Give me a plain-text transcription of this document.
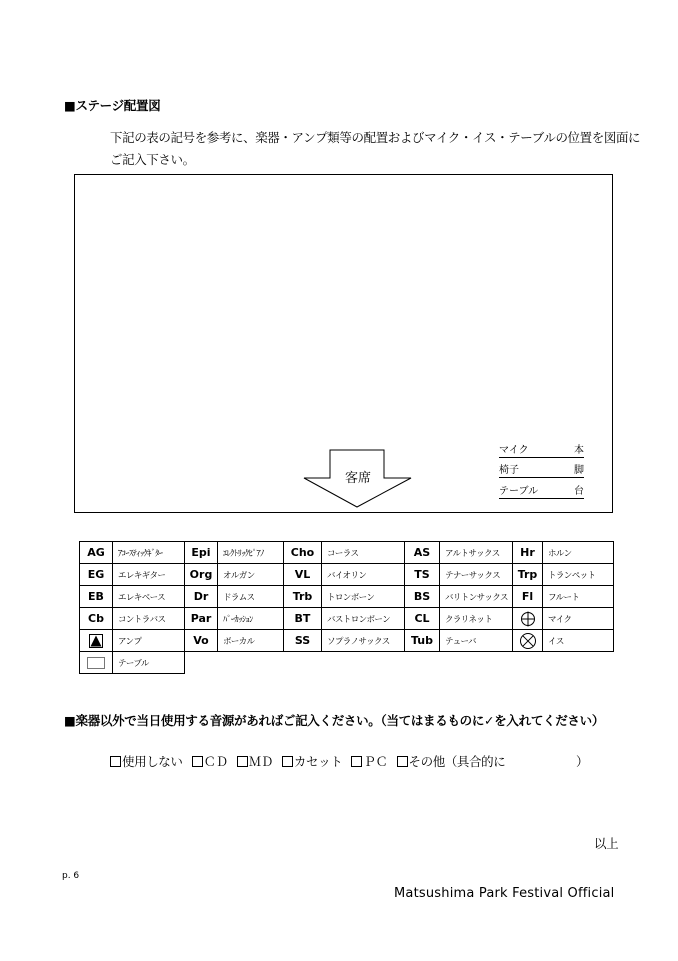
■ステージ配置図
下記の表の記号を参考に、楽器・アンプ類等の配置およびマイク・イス・テーブルの位置を図面に
ご記入下さい。
客席
マイク	本
椅子	脚
テーブル	台
AG	ｱｺｰｽﾃｨｯｸｷﾞﾀｰ	Epi	ｴﾚｸﾄﾘｯｸﾋﾟｱﾉ	Cho	コーラス	AS	アルトサックス	Hr	ホルン
EG	エレキギター	Org	オルガン	VL	バイオリン	TS	テナーサックス	Trp	トランペット
EB	エレキベース	Dr	ドラムス	Trb	トロンボーン	BS	バリトンサックス	Fl	フルート
Cb	コントラバス	Par	ﾊﾟｰｶｯｼｮﾝ	BT	バストロンボーン	CL	クラリネット		マイク

	アンプ	Vo	ボーカル	SS	ソプラノサックス	Tub	テューバ		イス

	テーブル								
■楽器以外で当日使用する音源があればご記入ください。（当てはまるものに✓を入れてください）
使用しない ＣＤ ＭＤ カセット ＰＣ その他（具合的に	）
以上
p. 6
Matsushima Park Festival Official
